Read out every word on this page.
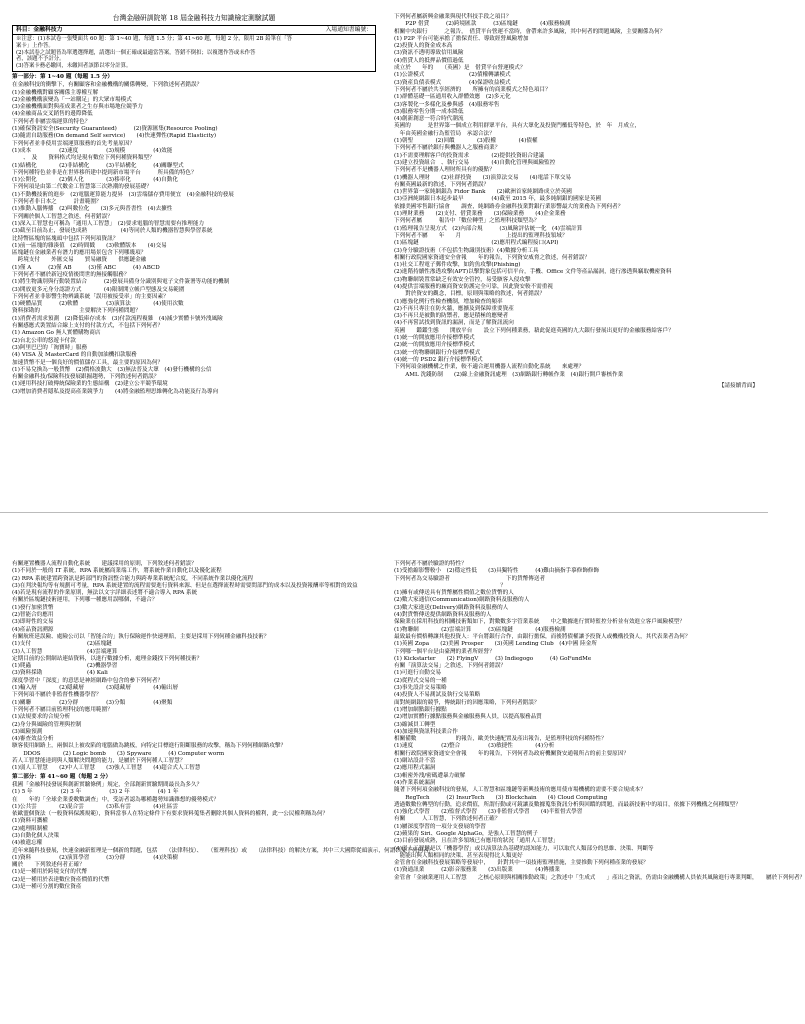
台灣金融研訓院第 18 屆金融科技力知識檢定測驗試題
科目：金融科技力	入場通知書編號：
※注意：(1)本試卷一張雙面共 60 題：第 1~40 題，每題 1.5 分；第 41~60 題，每題 2 分，限用 2B 鉛筆在「答
案卡」上作答。
(2)本試卷之試題皆為單選選擇題，請選出一個正確或最適當答案，答錯不倒扣；以複選作答或未作答
者，該題不予計分。
(3)答案卡務必繳回，未繳回者該節以零分計算。
第一部分：第 1~40 題（每題 1.5 分）
在金融科技的衝擊下，有關顧客和金融機構的關係轉變，下列敘述何者錯誤？
(1)金融機構對顧客關係主導權互解
(2)金融機構演變為「一站購足」的大眾市場模式
(3)金融機構面對與產成業者之生存與市場地位競爭力
(4)金融商品交叉銷售的邊際降低
下列何者非屬雲端運算的特色？
(1)確保資訊安全(Security Guaranteed)　　　(2)資源匯集(Resource Pooling)
(3)隨需自助服務(On demand Self service)　　(4)快速彈性(Rapid Elasticity)
下列何者並非使用雲端運算服務的首先考量原因？
(1)成本　　　　　(2)速度　　　　　(3)規模　　　　　(4)效能
　　、　及　　資料格式均是現有數位下列何種資料類型？
(1)結構化　　　　(2)非結構化　　　(3)半結構化　　　(4)關聯型式
下列何種特色並非是在世界移所建中提到新市場平台　　　所具備的特色？
(1)公開化　　　　(2)個人化　　　　(3)移率化　　　　(4)自動化
下列何項是由第二代數金工智慧第三次熟潮的發展基礎？
(1)不動機技術的進步　(2)電腦運算能力提昇　(3)雲端儲存費用便宜　(4)金融科技的發展
下列何者非日本之　　　計畫範圍？
(1)推動入腦傳播　(2)叫數位化　　(3)多元與普書性　(4)去擴性
下列關於個人工智慧之敘述，何者錯誤？
(1)深入工智慧也可稱為「通用人工智慧」　(2)要求電腦的智慧需要有推理能力
(3)截至目前為止，發展也成熟　　　　　　(4)等同於人類的機器智慧與學習系統
比特幣區塊的區塊頭中包括下列何項資訊？
(1)前一區塊的雜湊值　(2)時間戳　　(3)軟體版本　　(4)交易
區塊鏈在金融業者有潛力的應用場景包含下列哪幾項？
　跨境支付　　外匯交易　　貿易融資　　供應鏈金融
(1)僅 A　　　(2)僅 AB　　　(3)僅 ABC　　　(4) ABCD
下列何者不屬於新冠疫情後問世的無接觸服務？
(1)將生物識別與行動裝置結合　　　(2)發展具備身分識別與電子文件簽署等功能的機制
(3)開放更多元身分認證方式　　　　(4)限制開立帳戶型態及交易範圍
下列何者並非影響生物辨識系統「誤用被接受率」的主要因素？
(1)硬體品質　　　(2)軟體　　　　　(3)演算法　　　　(4)使用次數
資料探勘的　　　　　　　主要解決下列何種問題？
(1)消費者需求預測　(2)降低庫存成本　(3)付款流程複雜　(4)減少實體卡號外洩風險
有關感應式裝置結合線上支付的付款方式，不包括下列何者？
(1) Amazon Go 無人實體購物商店
(2)台北公車的悠遊卡付款
(3)阿里巴巴的「淘寶時」服務
(4) VISA 及 MasterCard 的自動加油機扣款服務
加速貨幣不是一個良好的價值儲存工具，最主要的原因為何？
(1)不易兌換為一般貨幣　(2)價格波動大　(3)無法普及大眾　(4)發行機構的公信
有關金融科技/保險科技發展跟掘趨勢，下列敘述何者錯誤？
(1)運用科技打破傳統保險業的生態結構　(2)建立公平競爭環境
(3)增加消費者隱私及提高產業競爭力　　(4)將金融監理思維轉化為功能及行為導向
下列何者屬新興金融業與現代科技手段之項目？
　　P2P 借貸　　　(2)跨境匯款　　　(3)區塊鏈　　　　(4)服務檢測
相關中央銀行　　　之報告，　借貸平台營運不當時，會帶來許多風險，其中何者的問題風險，主要關係為何？
(1) P2P 平台可能承擔了擔保責任、導致經營風險增加
(2)投資人的資金成本高
(3)資訊不透明導致信用風險
(4)借貸人的抵押品價值過低
成立於　　年的　　（英國）是　借貸平台營運模式？
(1)公證模式　　　　　　　　(2)債權轉讓模式
(3)資產負債表模式　　　　　(4)保證收益模式
下列何者不屬於共享經濟的　　所擁有的商業模式之特色項目？
(1)群體基礎一區通用收入群體效應　(2)多元化
(3)客製化一多樣化及參與感　(4)服務零售
(5)服務零售分期一成本降低
(4)創新創意一符合時代潮流
英國的　　　是世界第一個成立利用群眾平台，具有大眾化及投資門檻低等特色，於　年　月成立，
　年由英國金融行為監管局　承認合法？
(1)朝聖　　　　(2)回饋　　　　(3)股權　　　　(4)債權
下列何者不屬於銀行與機器人之服務商業？
(1)不需要理解客戶的投資需求　　　　(2)提供投資組合建議
(3)建立投資組合　、執行交易　　　　(4)自動化管理與風險監控
下列何者不是機器人理財所具有的優點？
(1)機器人理財　　(2)社群投資　　(3)演算法交易　　(4)電話下單交易
有關英國最新的敘述，下列何者錯誤？
(1)世界第一家純網銀為 Fidor Bank　　(2)歐洲首家純網路成立於英國
(3)亞洲純網銀日本起步最早　　　　　(4)截至 2015 年，最多純網銀的國家是英國
依據美國零售銀行協會　　調查，純網路券金融科技業對銀行業影響最大的業務為下列何者？
(1)理財業務　　(2)支付、借貸業務　　(3)保險業務　　(4)企金業務
下列何者屬　　　報告中「數位轉型」之監理科技類型為？
(1)監理報告呈現方式　(2)內部合規　　　(3)風險評估統一化　(4)雲端計算
下列何者不屬　　年　　月　　　　　　　　上提出的監理科技領域？
(1)區塊鏈　　　　　　　　　　　　　(2)應用程式編程接口(API)
(3)身分驗證技術（不包括生物識別技術）(4)數據分析工具
相關行政院國家資通安全會報　　年的報告，下列資安威脅之敘述，何者錯誤？
(1)社交工程電子郵件攻擊，如釣魚攻擊(Phishing)
(2)進階持續性滲透攻擊(APT)以擊對象包括可信平台，手機、Office 文件等產品漏洞，進行滲透與竊取機密資料
(3)物聯網裝置常缺乏有效安全管控，易受駭客入侵攻擊
(4)提供雲端服務的廠商資安防護完全可靠，因此資安較不需重視
　　對於資安的觀念，目標，原則與策略的敘述，何者錯誤？
(1)應強化例行性檢查機制，增加檢查的頻率
(2)不再只專注在防火牆，應擴及到保障重要資產
(3)不再只是被動的防禦者，應是積極的應變者
(4)不再嘗試找到資訊的漏洞，而是了解資訊流向
英國　　鑑鑑生態　　開放平台　　設立下列何種業務，藉此促進英國的九大銀行發展出更好的金融服務給客戶？
(1)統一的開放應用介接標準模式
(2)統一的開放應用介接標準模式
(3)統一的物聯網銀行介接標準模式
(4)統一的 PSD2 銀行介接標準模式
下列何項金融機構之作業，較不適合運用機器人流程自動化系統　　來處理？
　　AML 洗錢防制　　(2)線上金融資訊處理　(3)網路銀行轉帳作業　(4)銀行開戶審核作業
【請接續背面】
有關運置機器人流程自動化系統　　建議採用的原則，下列敘述何者錯誤？
(1)不同於一般的 IT 系統，RPA 系統屬商業端工作，將系統作業自動化以及優化流程
(2) RPA 系統建置跨資訊是跨部門的資訊整合能力與跨專業系統配合度，不同系統作業以優化流程
(3)在判決報均等有規劃可考量，RPA 系統建置的流程需要進行資料來源、但是在選擇流程時需要問部門的成本以及投資報酬率等相對的效益
(4)若是現有流程的作業原則，無法以文字詳細表述將不適合導入 RPA 系統
有關於區塊鏈技術運用，下列哪一種應用誤哪個，不適合？
(1)發行加密貨幣
(2)智能合約應用
(3)即時性的交易
(4)產品資訊溯源
有關航班延誤險、處險公司以「智能合約」執行保險運作快速理賠，主要是採用下列何種金融科技技術？
(1)支付　　　　　　　　　　(2)區塊鏈
(3)人工智慧　　　　　　　　(4)雲端運算
定期目前的公開網站連結資料，以進行數據分析，處理金錢找下列何種技術？
(1)爬蟲　　　　　　　　　　(2)機器學習
(3)資料採勘　　　　　　　　(4) Kali
深度學習中「深度」的意思是神經網路中包含的參下列何者？
(1)輸入層　　　　(2)隱藏層　　　　(3)隱藏層　　　　(4)輸出層
下列何項不屬於非監督性機器學習？
(1)關聯　　　　　(2)分群　　　　　(3)分類　　　　　(4)聚類
下列何者不屬目前監理科技的應用範圍？
(1)法規要求的合規分析
(2)身分與風險的管理與控制
(3)風險預測
(4)審查效益分析
駭客使用網路上，兩個以上被攻陷的電腦做為跳板，向特定目標進行阻斷服務的攻擊，稱為下列何種網路攻擊？
　　DDOS　　　　(2) Logic bomb　　(3) Spyware　　　(4) Computer worm
若人工智慧能達到與人類解決問題的能力，是屬於下列何種人工智慧？
(1)弱人工智慧　　(2)中人工智慧　　(3)強人工智慧　　(4)超合式人工智慧
第二部分：第 41~60 題（每題 2 分）
我國「金融科技發展與創新實驗條例」規定，全部創新實驗期間最長為多久？
(1) 5 年　　　　　(2) 3 年　　　　　(3) 2 年　　　　　(4) 1 年
在　　年的「全球企業委數數調查」中，受訪者認為哪種趨勢知識雜想的優勢模式？
(1)公共雲　　　　(2)混合雲　　　　(3)私有雲　　　　(4)社區雲
依歐盟個資法（一般資料保護規範），資料當事人在特定條件下有要求資料蒐集者刪除其個人資料的權利，此一公民權利稱為何？
(1)資料可攜權
(2)處理限制權
(3)自動化個人決策
(4)被遺忘權
近年來隨科技發展，快速金融新監理是一個新的問題，包括　　（法律科技）、　　（監理科技）或　　（法律科技）的解決方案，其中三大國際從頭演示，何謂以及下列何者？
(1)資料　　　　　(2)演算學習　　　(3)分群　　　　　(4)決策樹
關於　　下列敘述何者正確？
(1)是一種用於跨境支付的代幣
(2)是一種用於表達數位資產價值的代幣
(3)是一種可分割的數位資產
下列何者不屬於驗證的特性？
(1)受擔縮影響較小　(2)穩定性低　　(3)具獨特性　　　(4)難由摘指手摹修飾修飾
下列何者為交易驗證者　　　　　　　　　　下的貨幣傳送者
　　　　　　　　　　　　　　　　　　　？
(1)擁有或傳送具有貨幣屬性價值之數位貨幣的人
(2)數大家通信(Communication)網路資料及服務的人
(3)數大家進送(Delivery)網路資料及服務的人
(4)對貨幣傳送提供網路資料及服務的人
保險業在採用科技的相關技術類如下，對數數多字管業系統　　中之數據進行實時監控分析並有效進立客戶風險模型？
(1)物聯網　　　　(2)雲端計算　　　(3)區塊鏈　　　　(4)服務檢測
最致最有價格轉讓其他投資人：平台將銀行合作，由銀行擔保，而後將債權讓予投資人或機構投資人，其代表業者為何？
(1)英國 Zopa　　(2)美國 Prosper　　(3)英國 Lending Club　(4)中國 陸金所
下列哪一個平台是由臺灣的業者所經營？
(1) Kickstarter　　(2) FlyingV　　　(3) Indiegogo　　　(4) GoFundMe
有關「演算法交易」之敘述，下列何者錯誤？
(1)可進行自動交易
(2)從程式交易的一種
(3)事先設計交易策略
(4)投資人不易測試及執行交易策略
面對純網銀的競爭，傳統銀行的因應策略，下列何者錯誤？
(1)增加網點銀行據點
(2)增加實體行據點服務與金融服務與人員，以提高服務品質
(3)縮減員工轉型
(4)加速與資訊科技業合作
相關備數　　　　　　　的報告，歐美快速配置及產出報告，是監理科技的何種特性？
(1)速度　　　　　(2)整合　　　　　(3)敏捷性　　　　(4)分析
相關行政院國家資通安全會報　　年的報告，下列何者為政府機關資安通報所占的前主要原因？
(1)網站設計不當
(2)應用程式漏洞
(3)帳密外洩/密碼遭暴力破解
(4)作業系統漏洞
隨著下列何項金融科技的發展，人工智慧和區塊鏈等新興技術的應用使市場機構的需要不要合規成本？
　　RegTech　　　(2) InsurTech　　(3) Blockchain　　(4) Cloud Computing
透過數數位轉型的行動，追求價值，所謂行動或可鏡讓及數據蒐集資訊分析與回饋的問題，而最新技術中的項目，依據下列機構之何種類型？
(1)強化式學習　　(2)監督式學習　　(3)非監督式學習　　(4)半監督式學習
有關　　　人工智慧，下列敘述何者正確？
(1)屬深度學習的一項分支發展的學習
(2)蘋果的 Siri、Google AlphaGo，是強人工智慧的例子
(3)目前發展成熟，且在許多領域已有應用的狀況「通用人工智慧」
(4)弱人工智慧是以「機器學習」或以演算法為基礎的認知能力，可以取代人類部分的思維、決策、判斷等
　能能出與人類相同的決策、甚至表現得比人類更好
金管會在金融科技發展策略等發展中，　　針對其中一項技術監理措施，主要推動下列何種產業的發展？
(1)資通訊業　　　(2)影音服務業　　(3)出版業　　　　(4)傳播業
金管會「金融業運用人工智慧　　之核心原則與相關推動政策」之敘述中「生成式　　」產出之資訊，仍需由金融機構人員依其風險進行專業判斷，　　屬於下列何者？
